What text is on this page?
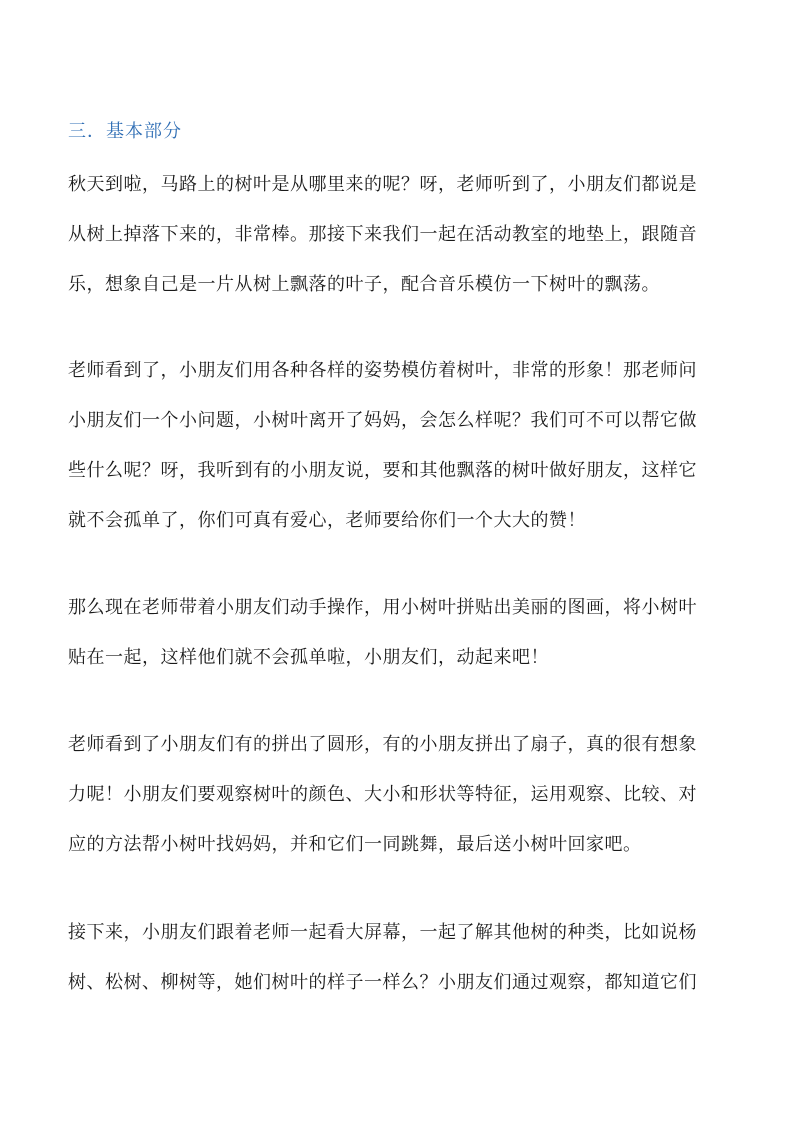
三．基本部分
秋天到啦，马路上的树叶是从哪里来的呢？呀，老师听到了，小朋友们都说是
从树上掉落下来的，非常棒。那接下来我们一起在活动教室的地垫上，跟随音
乐，想象自己是一片从树上飘落的叶子，配合音乐模仿一下树叶的飘荡。
老师看到了，小朋友们用各种各样的姿势模仿着树叶，非常的形象！那老师问
小朋友们一个小问题，小树叶离开了妈妈，会怎么样呢？我们可不可以帮它做
些什么呢？呀，我听到有的小朋友说，要和其他飘落的树叶做好朋友，这样它
就不会孤单了，你们可真有爱心，老师要给你们一个大大的赞！
那么现在老师带着小朋友们动手操作，用小树叶拼贴出美丽的图画，将小树叶
贴在一起，这样他们就不会孤单啦，小朋友们，动起来吧！
老师看到了小朋友们有的拼出了圆形，有的小朋友拼出了扇子，真的很有想象
力呢！小朋友们要观察树叶的颜色、大小和形状等特征，运用观察、比较、对
应的方法帮小树叶找妈妈，并和它们一同跳舞，最后送小树叶回家吧。
接下来，小朋友们跟着老师一起看大屏幕，一起了解其他树的种类，比如说杨
树、松树、柳树等，她们树叶的样子一样么？小朋友们通过观察，都知道它们
